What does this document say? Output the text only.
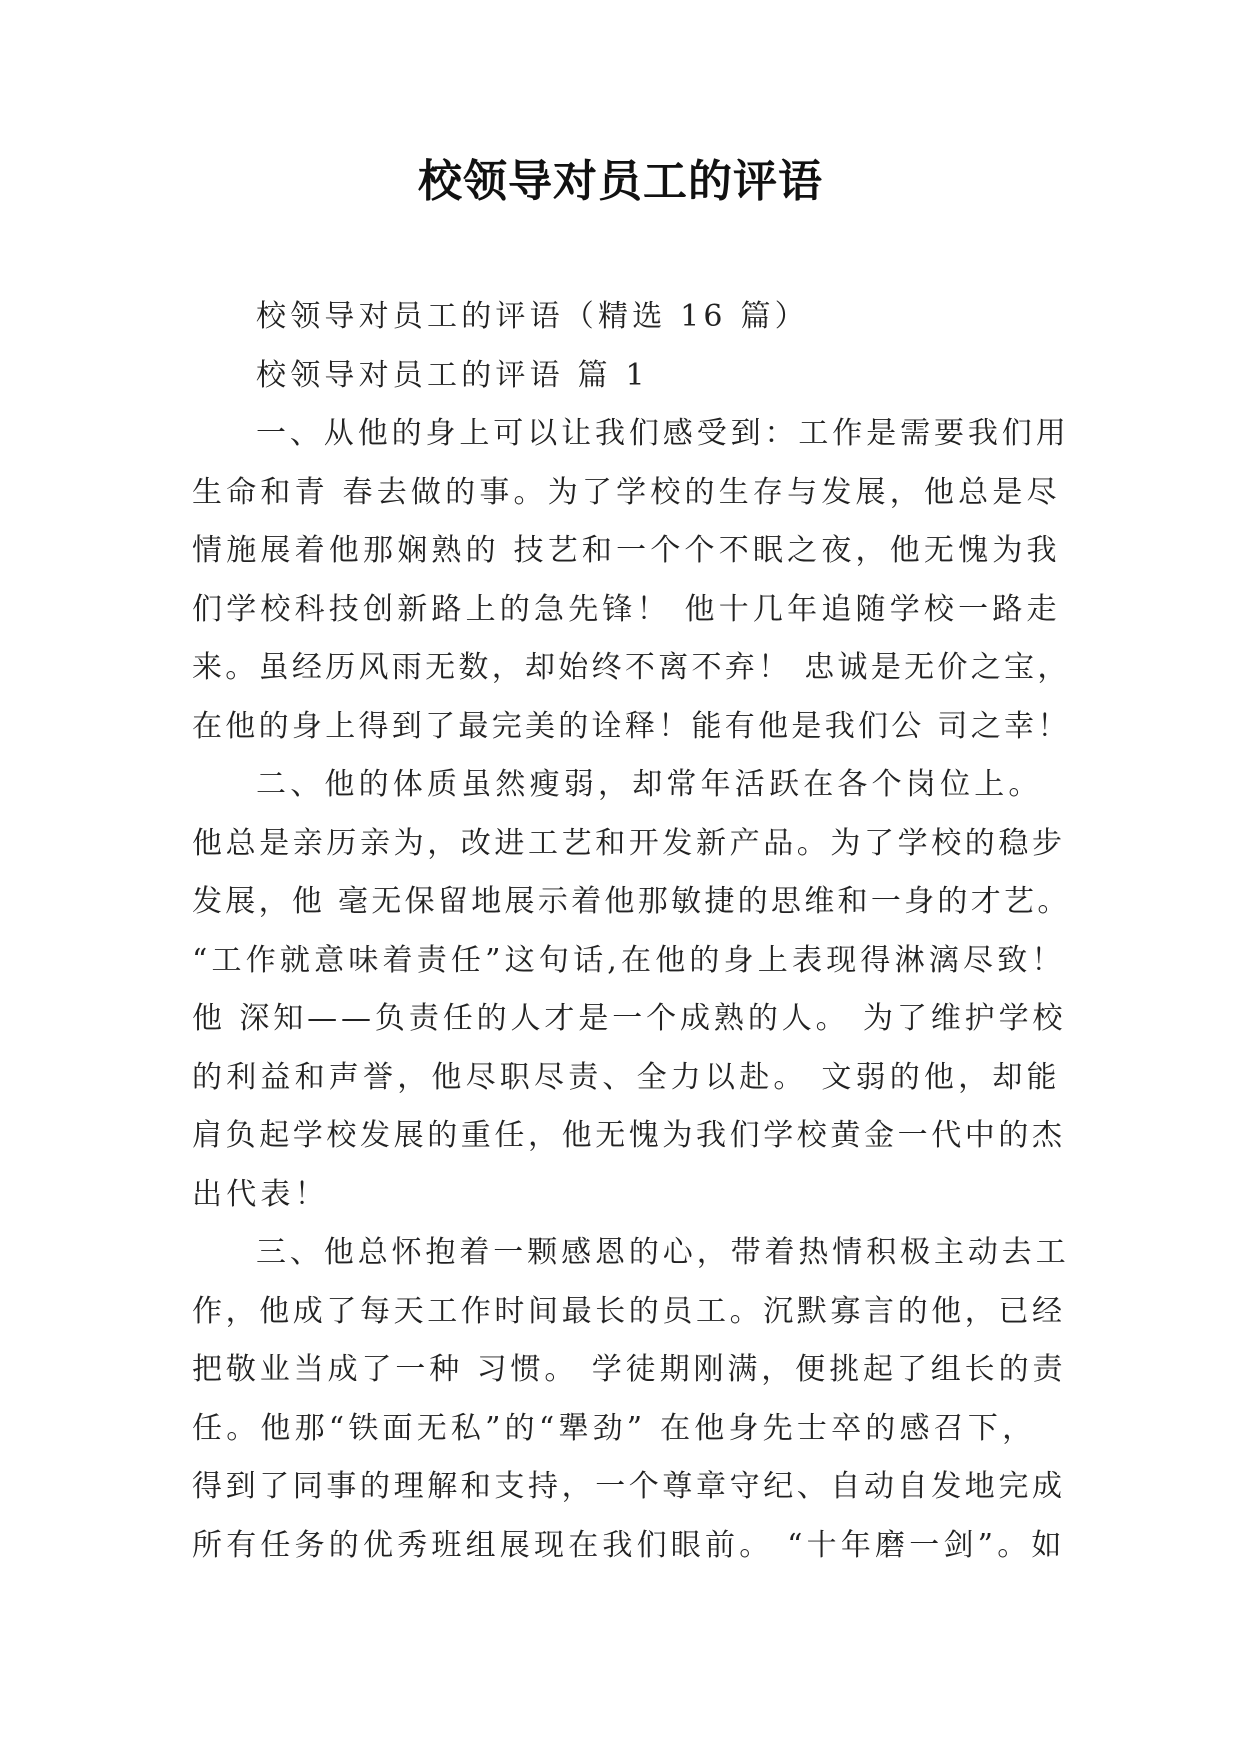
校领导对员工的评语
校领导对员工的评语（精选 16 篇）
校领导对员工的评语 篇 1
一、从他的身上可以让我们感受到：工作是需要我们用
生命和青 春去做的事。为了学校的生存与发展，他总是尽
情施展着他那娴熟的 技艺和一个个不眠之夜，他无愧为我
们学校科技创新路上的急先锋！ 他十几年追随学校一路走
来。虽经历风雨无数，却始终不离不弃！ 忠诚是无价之宝，
在他的身上得到了最完美的诠释！能有他是我们公 司之幸！
二、他的体质虽然瘦弱，却常年活跃在各个岗位上。
他总是亲历亲为，改进工艺和开发新产品。为了学校的稳步
发展，他 毫无保留地展示着他那敏捷的思维和一身的才艺。
“工作就意味着责任”这句话,在他的身上表现得淋漓尽致！
他 深知——负责任的人才是一个成熟的人。 为了维护学校
的利益和声誉，他尽职尽责、全力以赴。 文弱的他，却能
肩负起学校发展的重任，他无愧为我们学校黄金一代中的杰
出代表！
三、他总怀抱着一颗感恩的心，带着热情积极主动去工
作，他成了每天工作时间最长的员工。沉默寡言的他，已经
把敬业当成了一种 习惯。 学徒期刚满，便挑起了组长的责
任。他那“铁面无私”的“犟劲” 在他身先士卒的感召下，
得到了同事的理解和支持，一个尊章守纪、自动自发地完成
所有任务的优秀班组展现在我们眼前。 “十年磨一剑”。如
